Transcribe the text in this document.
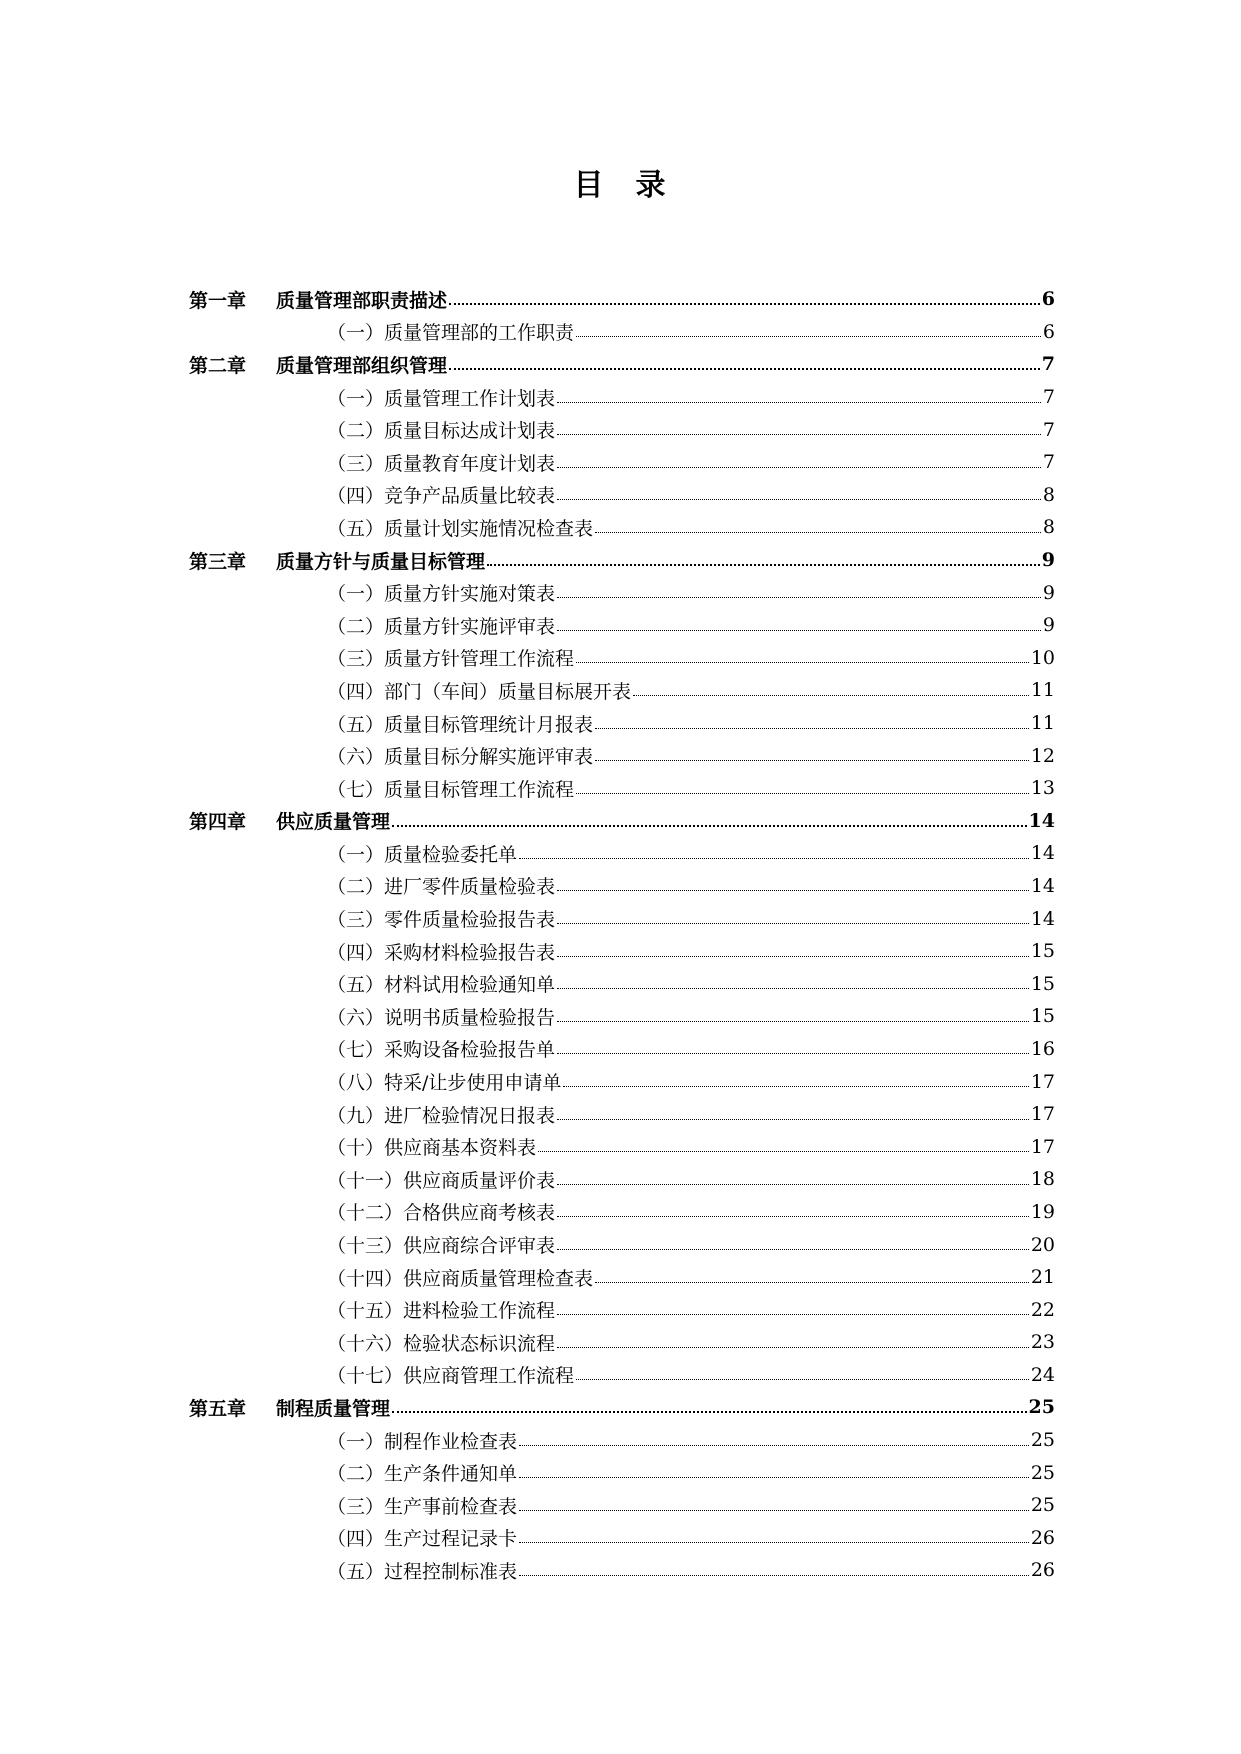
目 录
第一章	质量管理部职责描述	6
（一）质量管理部的工作职责	6
第二章	质量管理部组织管理	7
（一）质量管理工作计划表	7
（二）质量目标达成计划表	7
（三）质量教育年度计划表	7
（四）竞争产品质量比较表	8
（五）质量计划实施情况检查表	8
第三章	质量方针与质量目标管理	9
（一）质量方针实施对策表	9
（二）质量方针实施评审表	9
（三）质量方针管理工作流程	10
（四）部门（车间）质量目标展开表	11
（五）质量目标管理统计月报表	11
（六）质量目标分解实施评审表	12
（七）质量目标管理工作流程	13
第四章	供应质量管理	14
（一）质量检验委托单	14
（二）进厂零件质量检验表	14
（三）零件质量检验报告表	14
（四）采购材料检验报告表	15
（五）材料试用检验通知单	15
（六）说明书质量检验报告	15
（七）采购设备检验报告单	16
（八）特采/让步使用申请单	17
（九）进厂检验情况日报表	17
（十）供应商基本资料表	17
（十一）供应商质量评价表	18
（十二）合格供应商考核表	19
（十三）供应商综合评审表	20
（十四）供应商质量管理检查表	21
（十五）进料检验工作流程	22
（十六）检验状态标识流程	23
（十七）供应商管理工作流程	24
第五章	制程质量管理	25
（一）制程作业检查表	25
（二）生产条件通知单	25
（三）生产事前检查表	25
（四）生产过程记录卡	26
（五）过程控制标准表	26
